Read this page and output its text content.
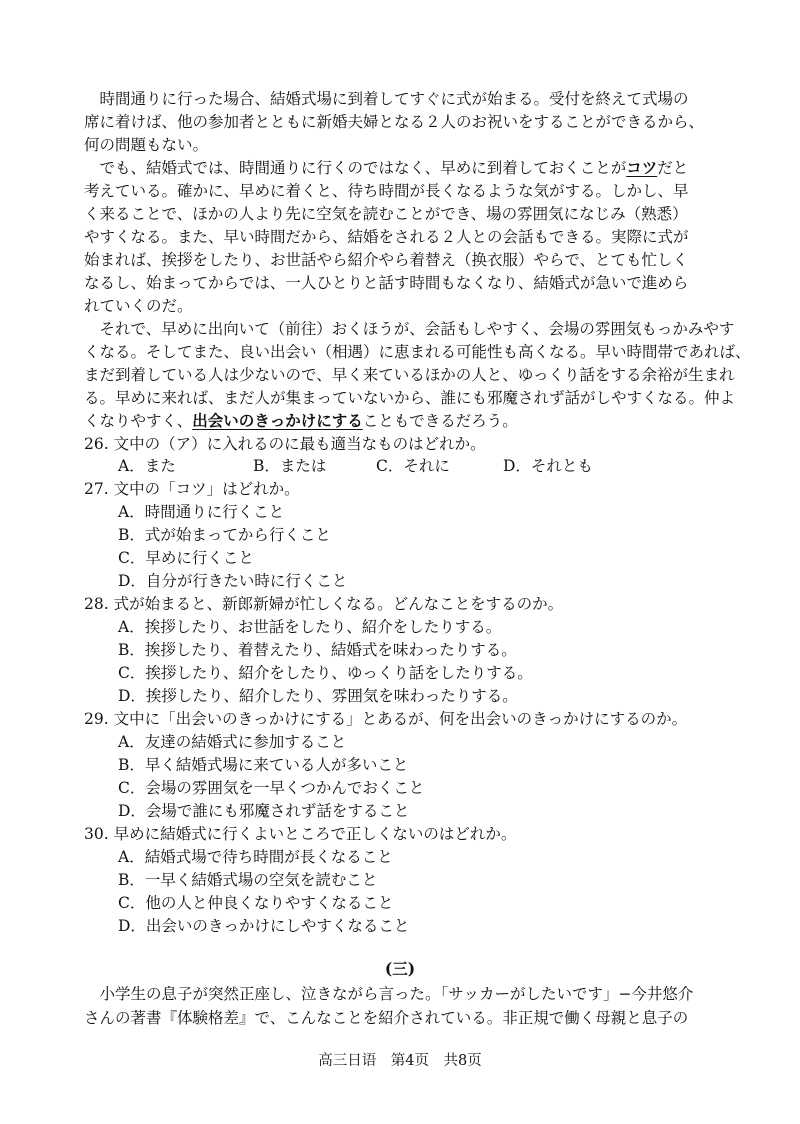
　時間通りに行った場合、結婚式場に到着してすぐに式が始まる。受付を終えて式場の
席に着けば、他の参加者とともに新婚夫婦となる２人のお祝いをすることができるから、
何の問題もない。
　でも、結婚式では、時間通りに行くのではなく、早めに到着しておくことがコツだと
考えている。確かに、早めに着くと、待ち時間が長くなるような気がする。しかし、早
く来ることで、ほかの人より先に空気を読むことができ、場の雰囲気になじみ（熟悉）
やすくなる。また、早い時間だから、結婚をされる２人との会話もできる。実際に式が
始まれば、挨拶をしたり、お世話やら紹介やら着替え（换衣服）やらで、とても忙しく
なるし、始まってからでは、一人ひとりと話す時間もなくなり、結婚式が急いで進めら
れていくのだ。
　それで、早めに出向いて（前往）おくほうが、会話もしやすく、会場の雰囲気もっかみやす
くなる。そしてまた、良い出会い（相遇）に恵まれる可能性も高くなる。早い時間帯であれば、
まだ到着している人は少ないので、早く来ているほかの人と、ゆっくり話をする余裕が生まれ
る。早めに来れば、まだ人が集まっていないから、誰にも邪魔されず話がしやすくなる。仲よ
くなりやすく、出会いのきっかけにすることもできるだろう。
26. 文中の（ア）に入れるのに最も適当なものはどれか。
A．また	B．または	C．それに	D．それとも
27. 文中の「コツ」はどれか。
A．時間通りに行くこと
B．式が始まってから行くこと
C．早めに行くこと
D．自分が行きたい時に行くこと
28. 式が始まると、新郎新婦が忙しくなる。どんなことをするのか。
A．挨拶したり、お世話をしたり、紹介をしたりする。
B．挨拶したり、着替えたり、結婚式を味わったりする。
C．挨拶したり、紹介をしたり、ゆっくり話をしたりする。
D．挨拶したり、紹介したり、雰囲気を味わったりする。
29. 文中に「出会いのきっかけにする」とあるが、何を出会いのきっかけにするのか。
A．友達の結婚式に参加すること
B．早く結婚式場に来ている人が多いこと
C．会場の雰囲気を一早くつかんでおくこと
D．会場で誰にも邪魔されず話をすること
30. 早めに結婚式に行くよいところで正しくないのはどれか。
A．結婚式場で待ち時間が長くなること
B．一早く結婚式場の空気を読むこと
C．他の人と仲良くなりやすくなること
D．出会いのきっかけにしやすくなること
(三)
　小学生の息子が突然正座し、泣きながら言った。「サッカーがしたいです」−今井悠介
さんの著書『体験格差』で、こんなことを紹介されている。非正規で働く母親と息子の
高三日语　第4页　共8页
